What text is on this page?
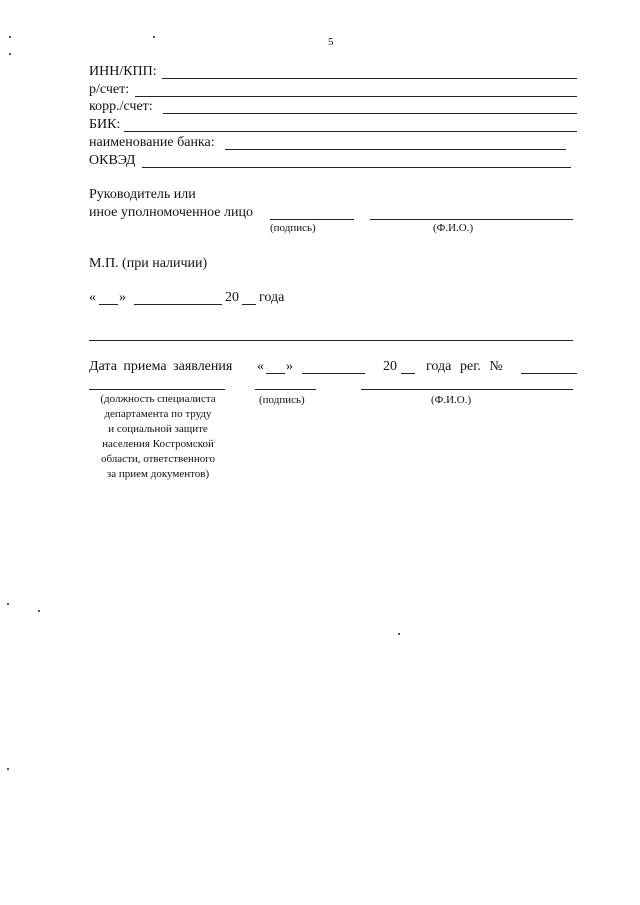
5
ИНН/КПП:
р/счет:
корр./счет:
БИК:
наименование банка:
ОКВЭД
Руководитель или
иное уполномоченное лицо
(подпись)	(Ф.И.О.)
М.П. (при наличии)
« »	20 года
Дата приема заявления « »	20 года рег. №
(должность специалиста
департамента по труду
и социальной защите
населения Костромской
области, ответственного
за прием документов)
(подпись)	(Ф.И.О.)
